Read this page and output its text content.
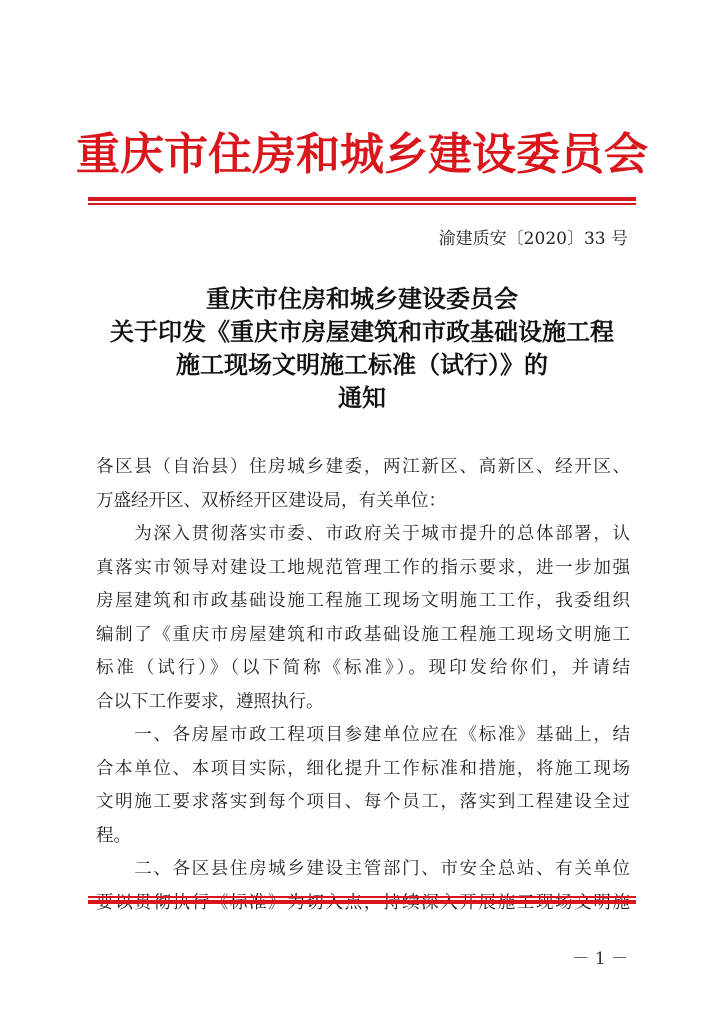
重庆市住房和城乡建设委员会
渝建质安〔2020〕33 号
重庆市住房和城乡建设委员会
关于印发《重庆市房屋建筑和市政基础设施工程
施工现场文明施工标准（试行）》的
通知
各区县（自治县）住房城乡建委，两江新区、高新区、经开区、
万盛经开区、双桥经开区建设局，有关单位：
　　为深入贯彻落实市委、市政府关于城市提升的总体部署，认
真落实市领导对建设工地规范管理工作的指示要求，进一步加强
房屋建筑和市政基础设施工程施工现场文明施工工作，我委组织
编制了《重庆市房屋建筑和市政基础设施工程施工现场文明施工
标准（试行）》（以下简称《标准》）。现印发给你们，并请结
合以下工作要求，遵照执行。
　　一、各房屋市政工程项目参建单位应在《标准》基础上，结
合本单位、本项目实际，细化提升工作标准和措施，将施工现场
文明施工要求落实到每个项目、每个员工，落实到工程建设全过
程。
　　二、各区县住房城乡建设主管部门、市安全总站、有关单位
－ 1 －
